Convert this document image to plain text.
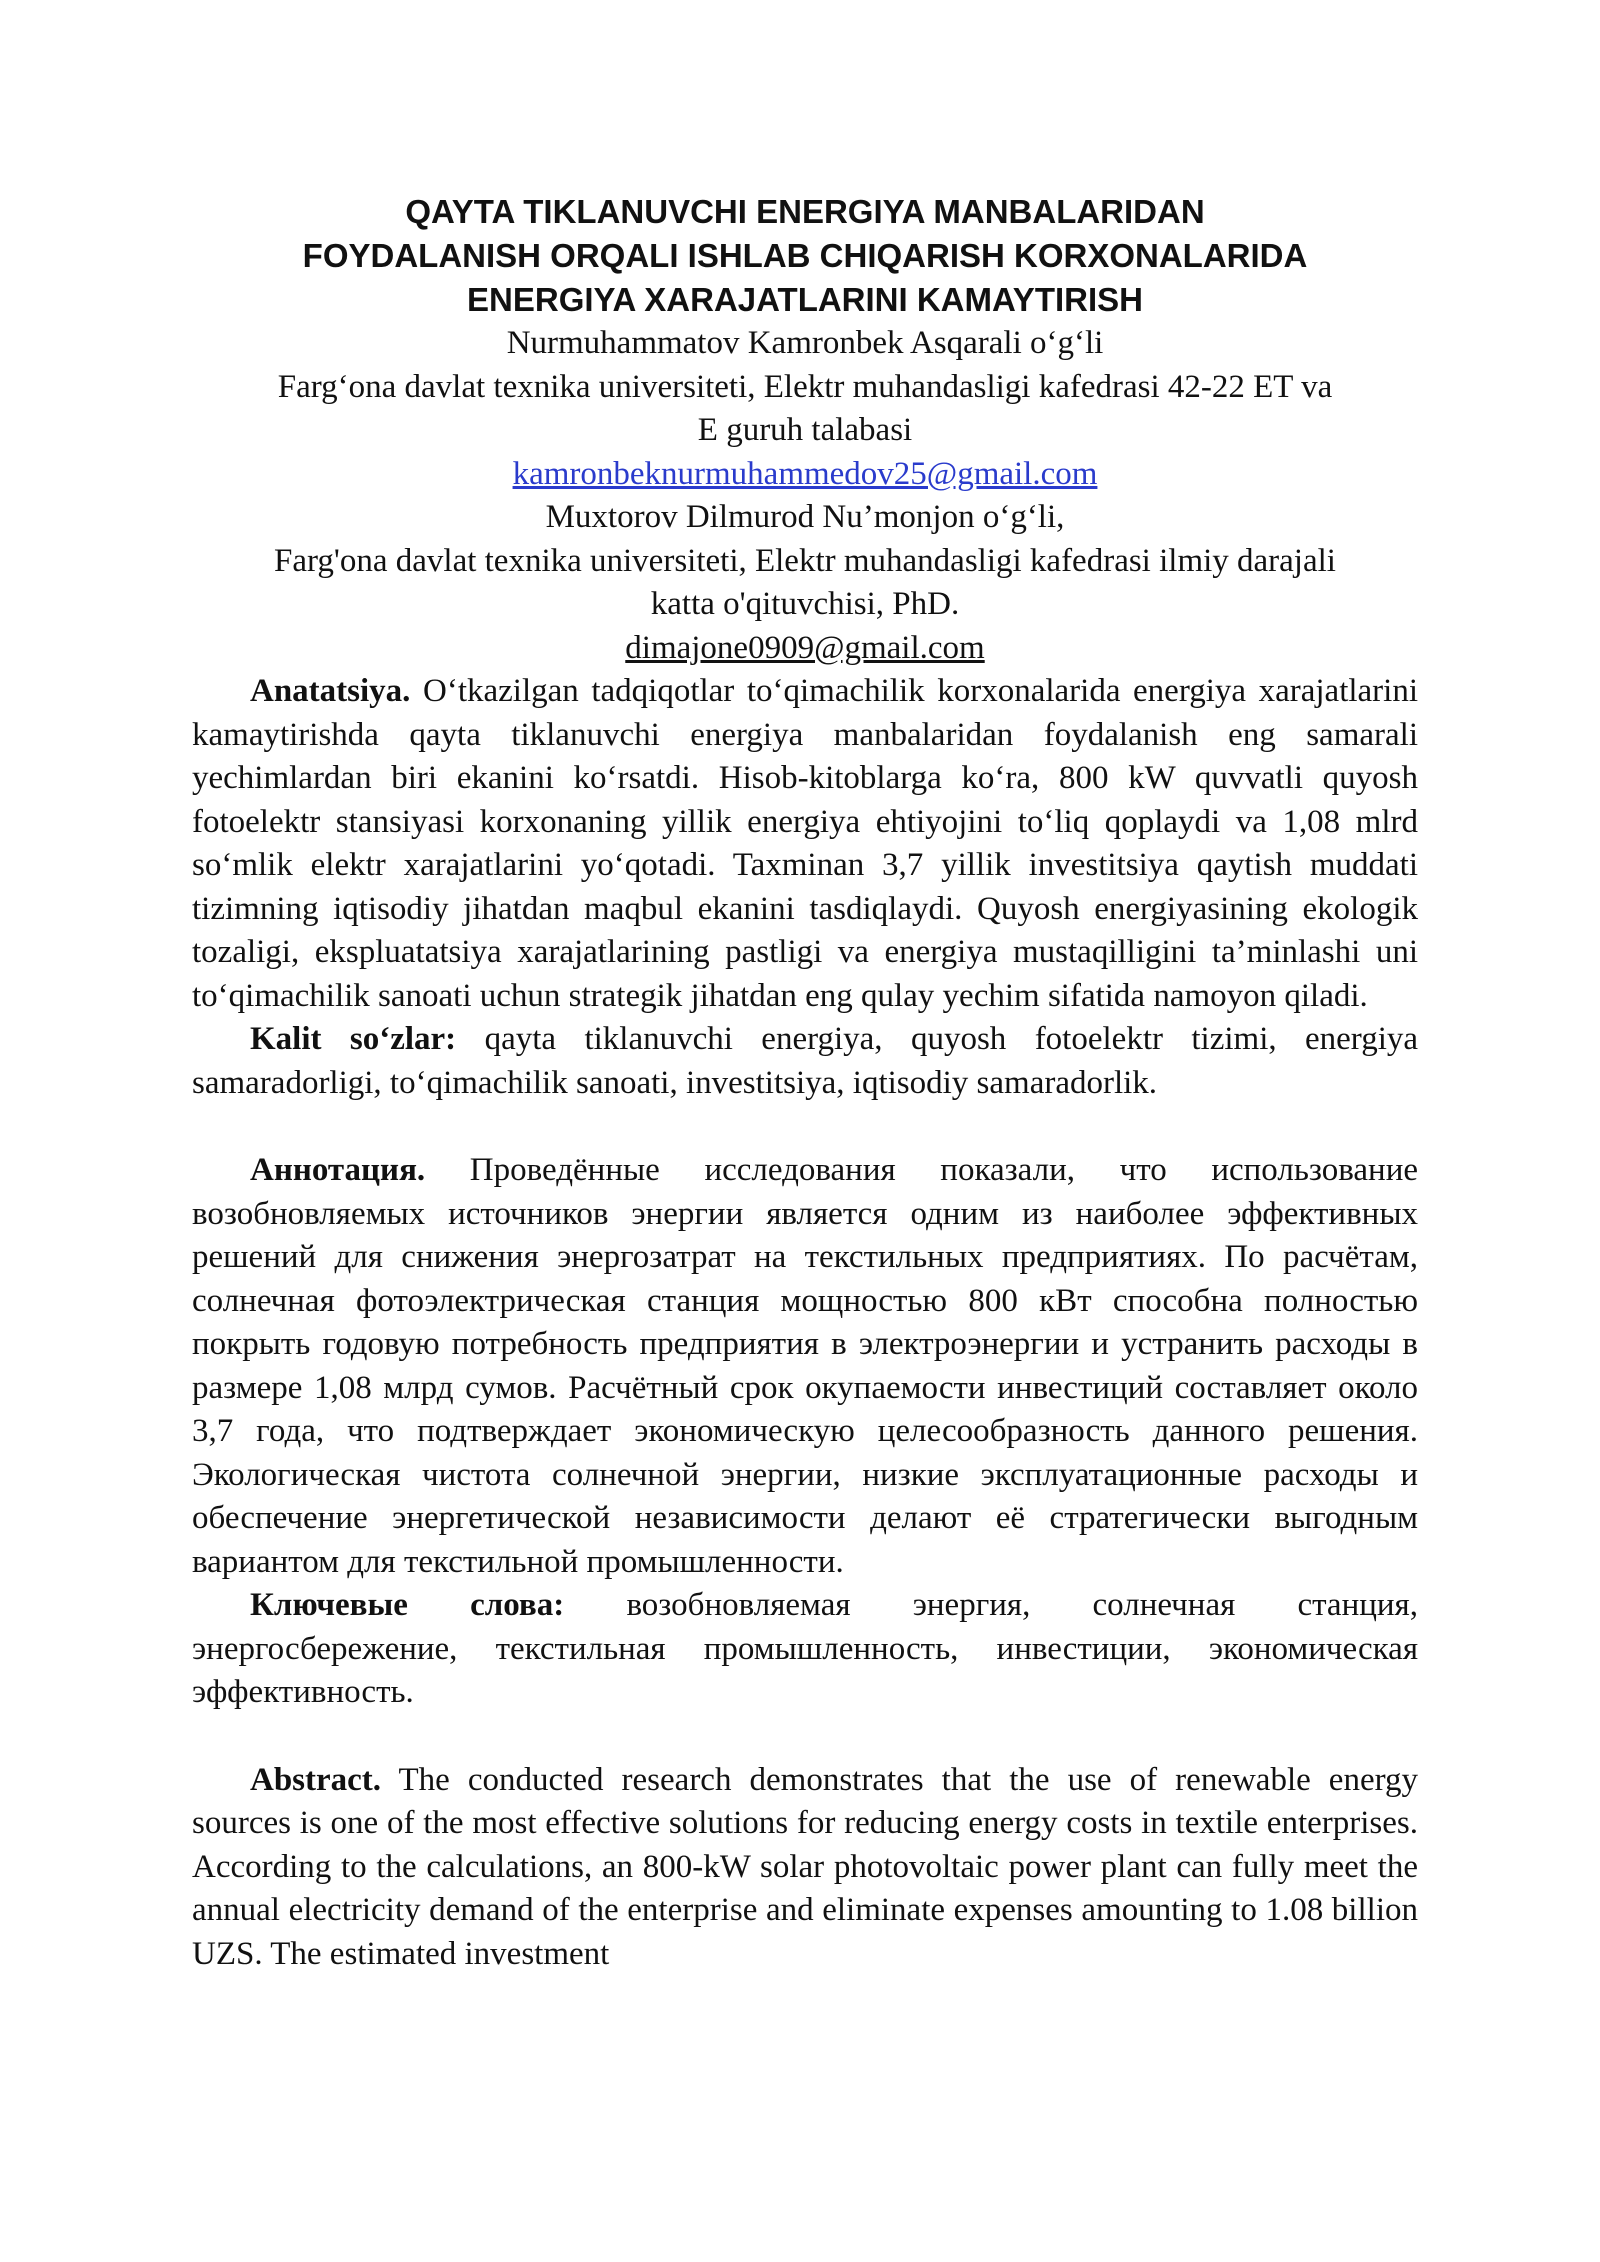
QAYTA TIKLANUVCHI ENERGIYA MANBALARIDAN
FOYDALANISH ORQALI ISHLAB CHIQARISH KORXONALARIDA
ENERGIYA XARAJATLARINI KAMAYTIRISH

Nurmuhammatov Kamronbek Asqarali o‘g‘li

Farg‘ona davlat texnika universiteti, Elektr muhandasligi kafedrasi 42-22 ET va

E guruh talabasi

kamronbeknurmuhammedov25@gmail.com

Muxtorov Dilmurod Nu’monjon o‘g‘li,

Farg'ona davlat texnika universiteti, Elektr muhandasligi kafedrasi ilmiy darajali

katta o'qituvchisi, PhD.

dimajone0909@gmail.com

Anatatsiya. O‘tkazilgan tadqiqotlar to‘qimachilik korxonalarida energiya xarajatlarini kamaytirishda qayta tiklanuvchi energiya manbalaridan foydalanish eng samarali yechimlardan biri ekanini ko‘rsatdi. Hisob-kitoblarga ko‘ra, 800 kW quvvatli quyosh fotoelektr stansiyasi korxonaning yillik energiya ehtiyojini to‘liq qoplaydi va 1,08 mlrd so‘mlik elektr xarajatlarini yo‘qotadi. Taxminan 3,7 yillik investitsiya qaytish muddati tizimning iqtisodiy jihatdan maqbul ekanini tasdiqlaydi. Quyosh energiyasining ekologik tozaligi, ekspluatatsiya xarajatlarining pastligi va energiya mustaqilligini ta’minlashi uni to‘qimachilik sanoati uchun strategik jihatdan eng qulay yechim sifatida namoyon qiladi.

Kalit so‘zlar: qayta tiklanuvchi energiya, quyosh fotoelektr tizimi, energiya samaradorligi, to‘qimachilik sanoati, investitsiya, iqtisodiy samaradorlik.

Аннотация. Проведённые исследования показали, что использование возобновляемых источников энергии является одним из наиболее эффективных решений для снижения энергозатрат на текстильных предприятиях. По расчётам, солнечная фотоэлектрическая станция мощностью 800 кВт способна полностью покрыть годовую потребность предприятия в электроэнергии и устранить расходы в размере 1,08 млрд сумов. Расчётный срок окупаемости инвестиций составляет около 3,7 года, что подтверждает экономическую целесообразность данного решения. Экологическая чистота солнечной энергии, низкие эксплуатационные расходы и обеспечение энергетической независимости делают её стратегически выгодным вариантом для текстильной промышленности.

Ключевые слова: возобновляемая энергия, солнечная станция, энергосбережение, текстильная промышленность, инвестиции, экономическая эффективность.

Abstract. The conducted research demonstrates that the use of renewable energy sources is one of the most effective solutions for reducing energy costs in textile enterprises. According to the calculations, an 800-kW solar photovoltaic power plant can fully meet the annual electricity demand of the enterprise and eliminate expenses amounting to 1.08 billion UZS. The estimated investment
